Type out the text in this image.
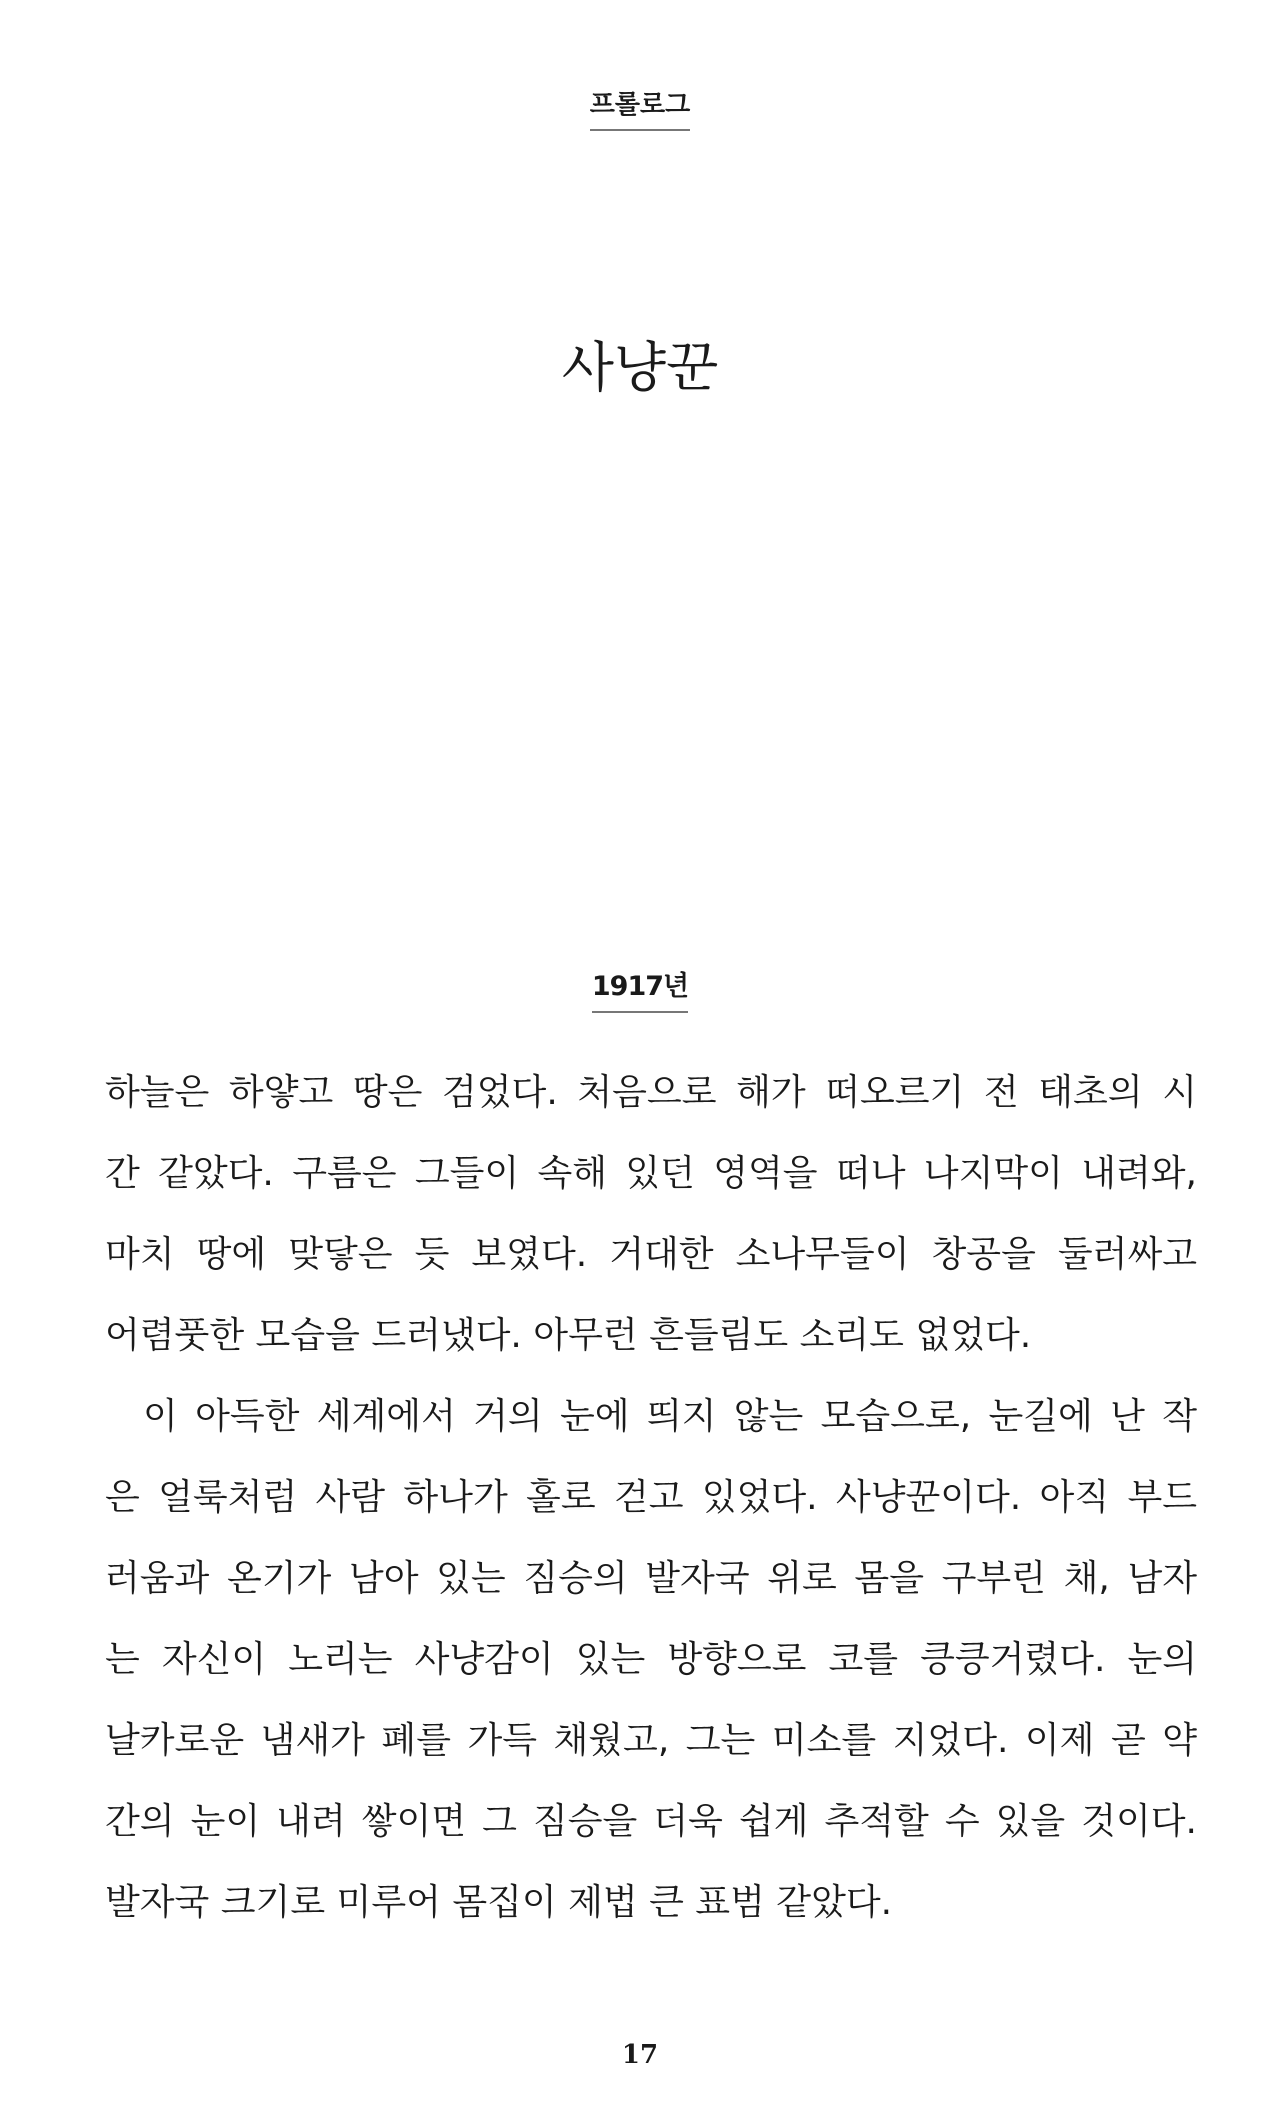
프롤로그
사냥꾼
1917년
하늘은 하얗고 땅은 검었다. 처음으로 해가 떠오르기 전 태초의 시
간 같았다. 구름은 그들이 속해 있던 영역을 떠나 나지막이 내려와,
마치 땅에 맞닿은 듯 보였다. 거대한 소나무들이 창공을 둘러싸고
어렴풋한 모습을 드러냈다. 아무런 흔들림도 소리도 없었다.
이 아득한 세계에서 거의 눈에 띄지 않는 모습으로, 눈길에 난 작
은 얼룩처럼 사람 하나가 홀로 걷고 있었다. 사냥꾼이다. 아직 부드
러움과 온기가 남아 있는 짐승의 발자국 위로 몸을 구부린 채, 남자
는 자신이 노리는 사냥감이 있는 방향으로 코를 킁킁거렸다. 눈의
날카로운 냄새가 폐를 가득 채웠고, 그는 미소를 지었다. 이제 곧 약
간의 눈이 내려 쌓이면 그 짐승을 더욱 쉽게 추적할 수 있을 것이다.
발자국 크기로 미루어 몸집이 제법 큰 표범 같았다.
17
